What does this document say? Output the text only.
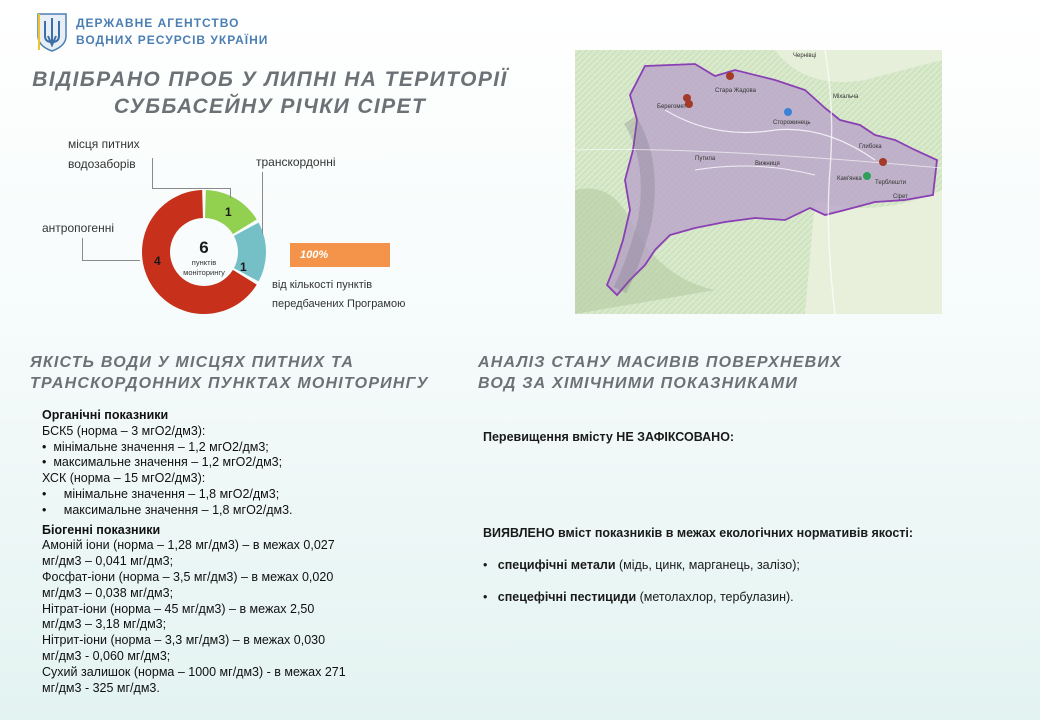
ДЕРЖАВНЕ АГЕНТСТВО
ВОДНИХ РЕСУРСІВ УКРАЇНИ
ВІДІБРАНО ПРОБ У ЛИПНІ НА ТЕРИТОРІЇ
СУББАСЕЙНУ РІЧКИ СІРЕТ
6
пунктів
моніторингу
1
1
4
місця питних
водозаборів	транскордонні
антропогенні
100%
від кількості пунктів
передбачених Програмою
Чернівці
Берегомет
Стара Жадова
Сторожинець
Міхальча
Путила
Вижниця
Кам'янка
Глибока
Терблешти
Сірет
ЯКІСТЬ ВОДИ У МІСЦЯХ ПИТНИХ ТА
ТРАНСКОРДОННИХ ПУНКТАХ МОНІТОРИНГУ
Органічні показники
БСК5 (норма – 3 мгО2/дм3):
•  мінімальне значення – 1,2 мгО2/дм3;
•  максимальне значення – 1,2 мгО2/дм3;
ХСК (норма – 15 мгО2/дм3):
•     мінімальне значення – 1,8 мгО2/дм3;
•     максимальне значення – 1,8 мгО2/дм3.
Біогенні показники
Амоній іони (норма – 1,28 мг/дм3) – в межах 0,027
мг/дм3 – 0,041 мг/дм3;
Фосфат-іони (норма – 3,5 мг/дм3) – в межах 0,020
мг/дм3 – 0,038 мг/дм3;
Нітрат-іони (норма – 45 мг/дм3) – в межах 2,50
мг/дм3 – 3,18 мг/дм3;
Нітрит-іони (норма – 3,3 мг/дм3) – в межах 0,030
мг/дм3 - 0,060 мг/дм3;
Сухий залишок (норма – 1000 мг/дм3) - в межах 271
мг/дм3 - 325 мг/дм3.
АНАЛІЗ СТАНУ МАСИВІВ ПОВЕРХНЕВИХ
ВОД ЗА ХІМІЧНИМИ ПОКАЗНИКАМИ
Перевищення вмісту НЕ ЗАФІКСОВАНО:
ВИЯВЛЕНО вміст показників в межах екологічних нормативів якості:
•   специфічні метали (мідь, цинк, марганець, залізо);
•   спецефічні пестициди (метолахлор, тербулазин).
